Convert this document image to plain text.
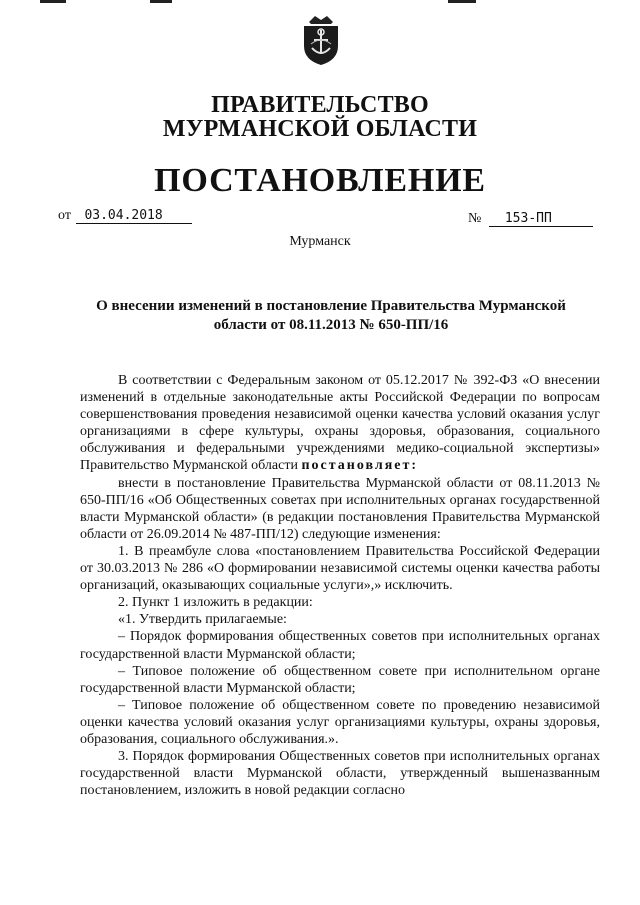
ПРАВИТЕЛЬСТВО
МУРМАНСКОЙ ОБЛАСТИ
ПОСТАНОВЛЕНИЕ
от 03.04.2018	№ 153-ПП
Мурманск
О внесении изменений в постановление Правительства Мурманской
области от 08.11.2013 № 650-ПП/16

В соответствии с Федеральным законом от 05.12.2017 № 392-ФЗ «О внесении изменений в отдельные законодательные акты Российской Федерации по вопросам совершенствования проведения независимой оценки качества условий оказания услуг организациями в сфере культуры, охраны здоровья, образования, социального обслуживания и федеральными учреждениями медико-социальной экспертизы» Правительство Мурманской области постановляет:

внести в постановление Правительства Мурманской области от 08.11.2013 № 650-ПП/16 «Об Общественных советах при исполнительных органах государственной власти Мурманской области» (в редакции постановления Правительства Мурманской области от 26.09.2014 № 487-ПП/12) следующие изменения:

1. В преамбуле слова «постановлением Правительства Российской Федерации от 30.03.2013 № 286 «О формировании независимой системы оценки качества работы организаций, оказывающих социальные услуги»,» исключить.

2. Пункт 1 изложить в редакции:

«1. Утвердить прилагаемые:

– Порядок формирования общественных советов при исполнительных органах государственной власти Мурманской области;

– Типовое положение об общественном совете при исполнительном органе государственной власти Мурманской области;

– Типовое положение об общественном совете по проведению независимой оценки качества условий оказания услуг организациями культуры, охраны здоровья, образования, социального обслуживания.».

3. Порядок формирования Общественных советов при исполнительных органах государственной власти Мурманской области, утвержденный вышеназванным постановлением, изложить в новой редакции согласно
